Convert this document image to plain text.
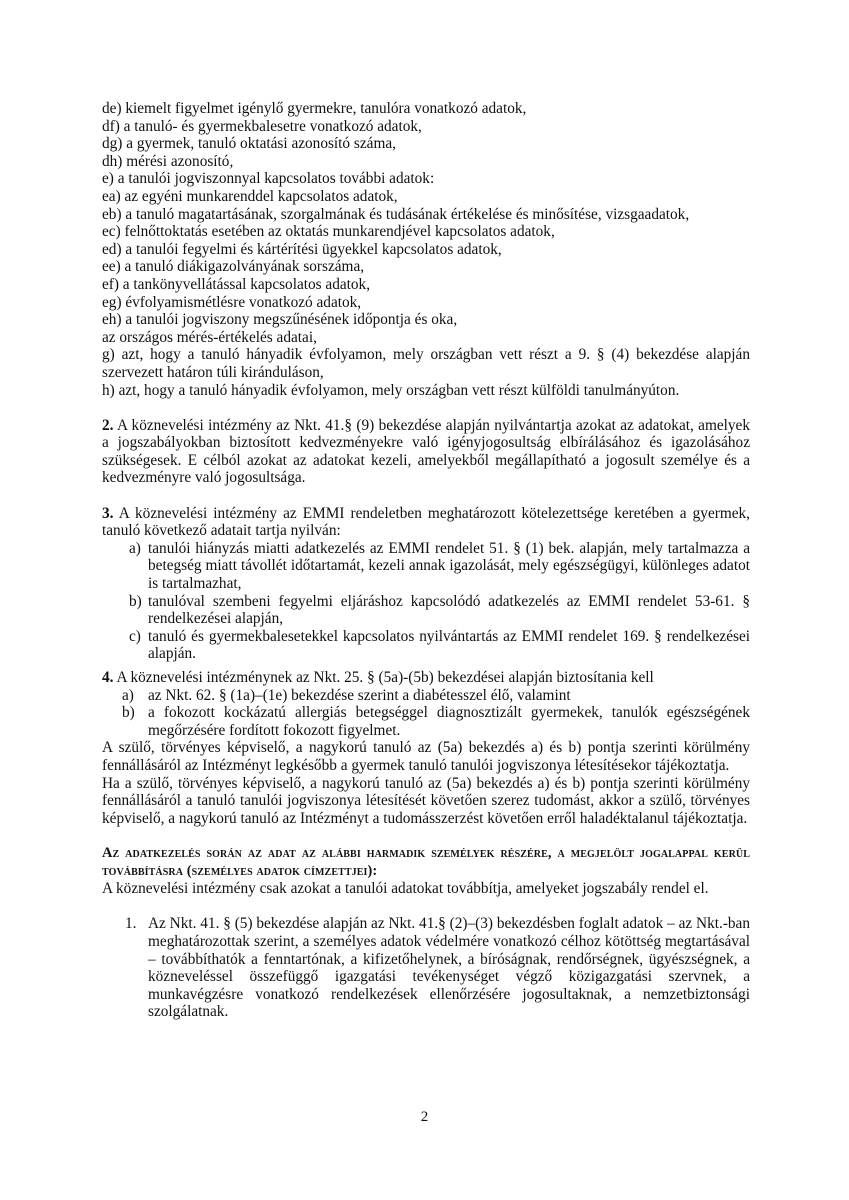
de) kiemelt figyelmet igénylő gyermekre, tanulóra vonatkozó adatok,
df) a tanuló- és gyermekbalesetre vonatkozó adatok,
dg) a gyermek, tanuló oktatási azonosító száma,
dh) mérési azonosító,
e) a tanulói jogviszonnyal kapcsolatos további adatok:
ea) az egyéni munkarenddel kapcsolatos adatok,
eb) a tanuló magatartásának, szorgalmának és tudásának értékelése és minősítése, vizsgaadatok,
ec) felnőttoktatás esetében az oktatás munkarendjével kapcsolatos adatok,
ed) a tanulói fegyelmi és kártérítési ügyekkel kapcsolatos adatok,
ee) a tanuló diákigazolványának sorszáma,
ef) a tankönyvellátással kapcsolatos adatok,
eg) évfolyamismétlésre vonatkozó adatok,
eh) a tanulói jogviszony megszűnésének időpontja és oka,
az országos mérés-értékelés adatai,

g) azt, hogy a tanuló hányadik évfolyamon, mely országban vett részt a 9. § (4) bekezdése alapján szervezett határon túli kiránduláson,

h) azt, hogy a tanuló hányadik évfolyamon, mely országban vett részt külföldi tanulmányúton.

2. A köznevelési intézmény az Nkt. 41.§ (9) bekezdése alapján nyilvántartja azokat az adatokat, amelyek a jogszabályokban biztosított kedvezményekre való igényjogosultság elbírálásához és igazolásához szükségesek. E célból azokat az adatokat kezeli, amelyekből megállapítható a jogosult személye és a kedvezményre való jogosultsága.

3. A köznevelési intézmény az EMMI rendeletben meghatározott kötelezettsége keretében a gyermek, tanuló következő adatait tartja nyilván:

a) tanulói hiányzás miatti adatkezelés az EMMI rendelet 51. § (1) bek. alapján, mely tartalmazza a betegség miatt távollét időtartamát, kezeli annak igazolását, mely egészségügyi, különleges adatot is tartalmazhat,
b) tanulóval szembeni fegyelmi eljáráshoz kapcsolódó adatkezelés az EMMI rendelet 53-61. § rendelkezései alapján,
c) tanuló és gyermekbalesetekkel kapcsolatos nyilvántartás az EMMI rendelet 169. § rendelkezései alapján.

4. A köznevelési intézménynek az Nkt. 25. § (5a)-(5b) bekezdései alapján biztosítania kell

a) az Nkt. 62. § (1a)–(1e) bekezdése szerint a diabétesszel élő, valamint
b) a fokozott kockázatú allergiás betegséggel diagnosztizált gyermekek, tanulók egészségének megőrzésére fordított fokozott figyelmet.

A szülő, törvényes képviselő, a nagykorú tanuló az (5a) bekezdés a) és b) pontja szerinti körülmény fennállásáról az Intézményt legkésőbb a gyermek tanuló tanulói jogviszonya létesítésekor tájékoztatja.

Ha a szülő, törvényes képviselő, a nagykorú tanuló az (5a) bekezdés a) és b) pontja szerinti körülmény fennállásáról a tanuló tanulói jogviszonya létesítését követően szerez tudomást, akkor a szülő, törvényes képviselő, a nagykorú tanuló az Intézményt a tudomásszerzést követően erről haladéktalanul tájékoztatja.

Az adatkezelés során az adat az alábbi harmadik személyek részére, a megjelölt jogalappal kerül továbbításra (személyes adatok címzettjei):

A köznevelési intézmény csak azokat a tanulói adatokat továbbítja, amelyeket jogszabály rendel el.

1. Az Nkt. 41. § (5) bekezdése alapján az Nkt. 41.§ (2)–(3) bekezdésben foglalt adatok – az Nkt.-ban meghatározottak szerint, a személyes adatok védelmére vonatkozó célhoz kötöttség megtartásával – továbbíthatók a fenntartónak, a kifizetőhelynek, a bíróságnak, rendőrségnek, ügyészségnek, a közneveléssel összefüggő igazgatási tevékenységet végző közigazgatási szervnek, a munkavégzésre vonatkozó rendelkezések ellenőrzésére jogosultaknak, a nemzetbiztonsági szolgálatnak.
2
